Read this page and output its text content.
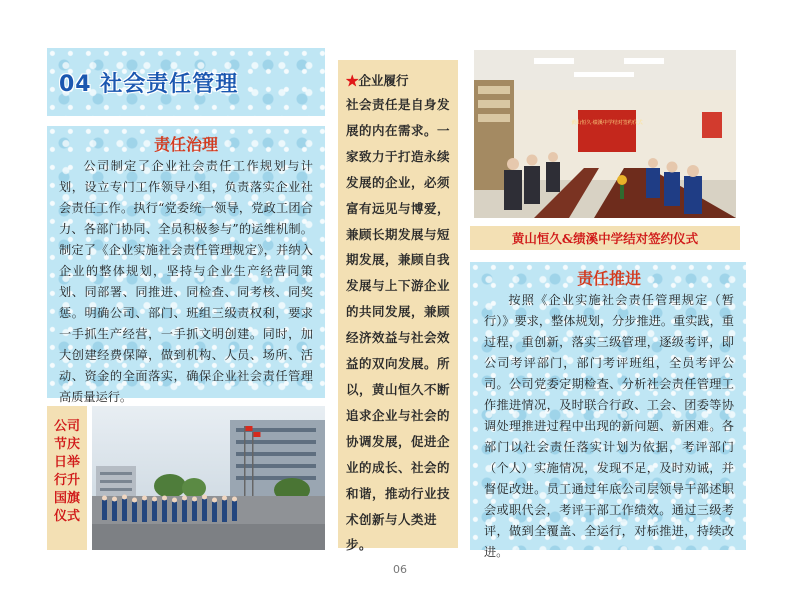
04 社会责任管理
责任治理

公司制定了企业社会责任工作规划与计划，设立专门工作领导小组，负责落实企业社会责任工作。执行“党委统一领导，党政工团合力、各部门协同、全员积极参与”的运维机制。制定了《企业实施社会责任管理规定》，并纳入企业的整体规划，坚持与企业生产经营同策划、同部署、同推进、同检查、同考核、同奖惩。明确公司、部门、班组三级责权利，要求一手抓生产经营，一手抓文明创建。同时，加大创建经费保障，做到机构、人员、场所、活动、资金的全面落实，确保企业社会责任管理高质量运行。

公司
节庆
日举
行升
国旗
仪式
★企业履行

社会责任是自身发展的内在需求。一家致力于打造永续发展的企业，必须富有远见与博爱，兼顾长期发展与短期发展，兼顾自我发展与上下游企业的共同发展，兼顾经济效益与社会效益的双向发展。所以，黄山恒久不断追求企业与社会的协调发展，促进企业的成长、社会的和谐，推动行业技术创新与人类进步。

黄山恒久·绩溪中学结对签约仪式
黄山恒久&绩溪中学结对签约仪式
责任推进

按照《企业实施社会责任管理规定（暂行）》要求，整体规划，分步推进。重实践，重过程，重创新，落实三级管理，逐级考评，即公司考评部门，部门考评班组，全员考评公司。公司党委定期检查、分析社会责任管理工作推进情况，及时联合行政、工会、团委等协调处理推进过程中出现的新问题、新困难。各部门以社会责任落实计划为依据，考评部门（个人）实施情况，发现不足，及时劝诫，并督促改进。员工通过年底公司层领导干部述职会或职代会，考评干部工作绩效。通过三级考评，做到全覆盖、全运行，对标推进，持续改进。

06
